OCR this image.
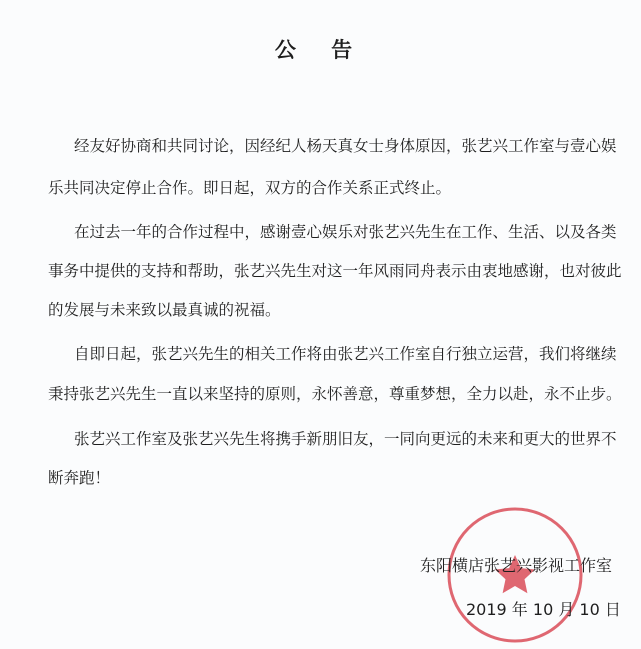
公 告
经友好协商和共同讨论，因经纪人杨天真女士身体原因，张艺兴工作室与壹心娱
乐共同决定停止合作。即日起，双方的合作关系正式终止。
在过去一年的合作过程中，感谢壹心娱乐对张艺兴先生在工作、生活、以及各类
事务中提供的支持和帮助，张艺兴先生对这一年风雨同舟表示由衷地感谢，也对彼此
的发展与未来致以最真诚的祝福。
自即日起，张艺兴先生的相关工作将由张艺兴工作室自行独立运营，我们将继续
秉持张艺兴先生一直以来坚持的原则，永怀善意，尊重梦想，全力以赴，永不止步。
张艺兴工作室及张艺兴先生将携手新朋旧友，一同向更远的未来和更大的世界不
断奔跑！
东阳横店张艺兴影视工作室
2019 年 10 月 10 日
